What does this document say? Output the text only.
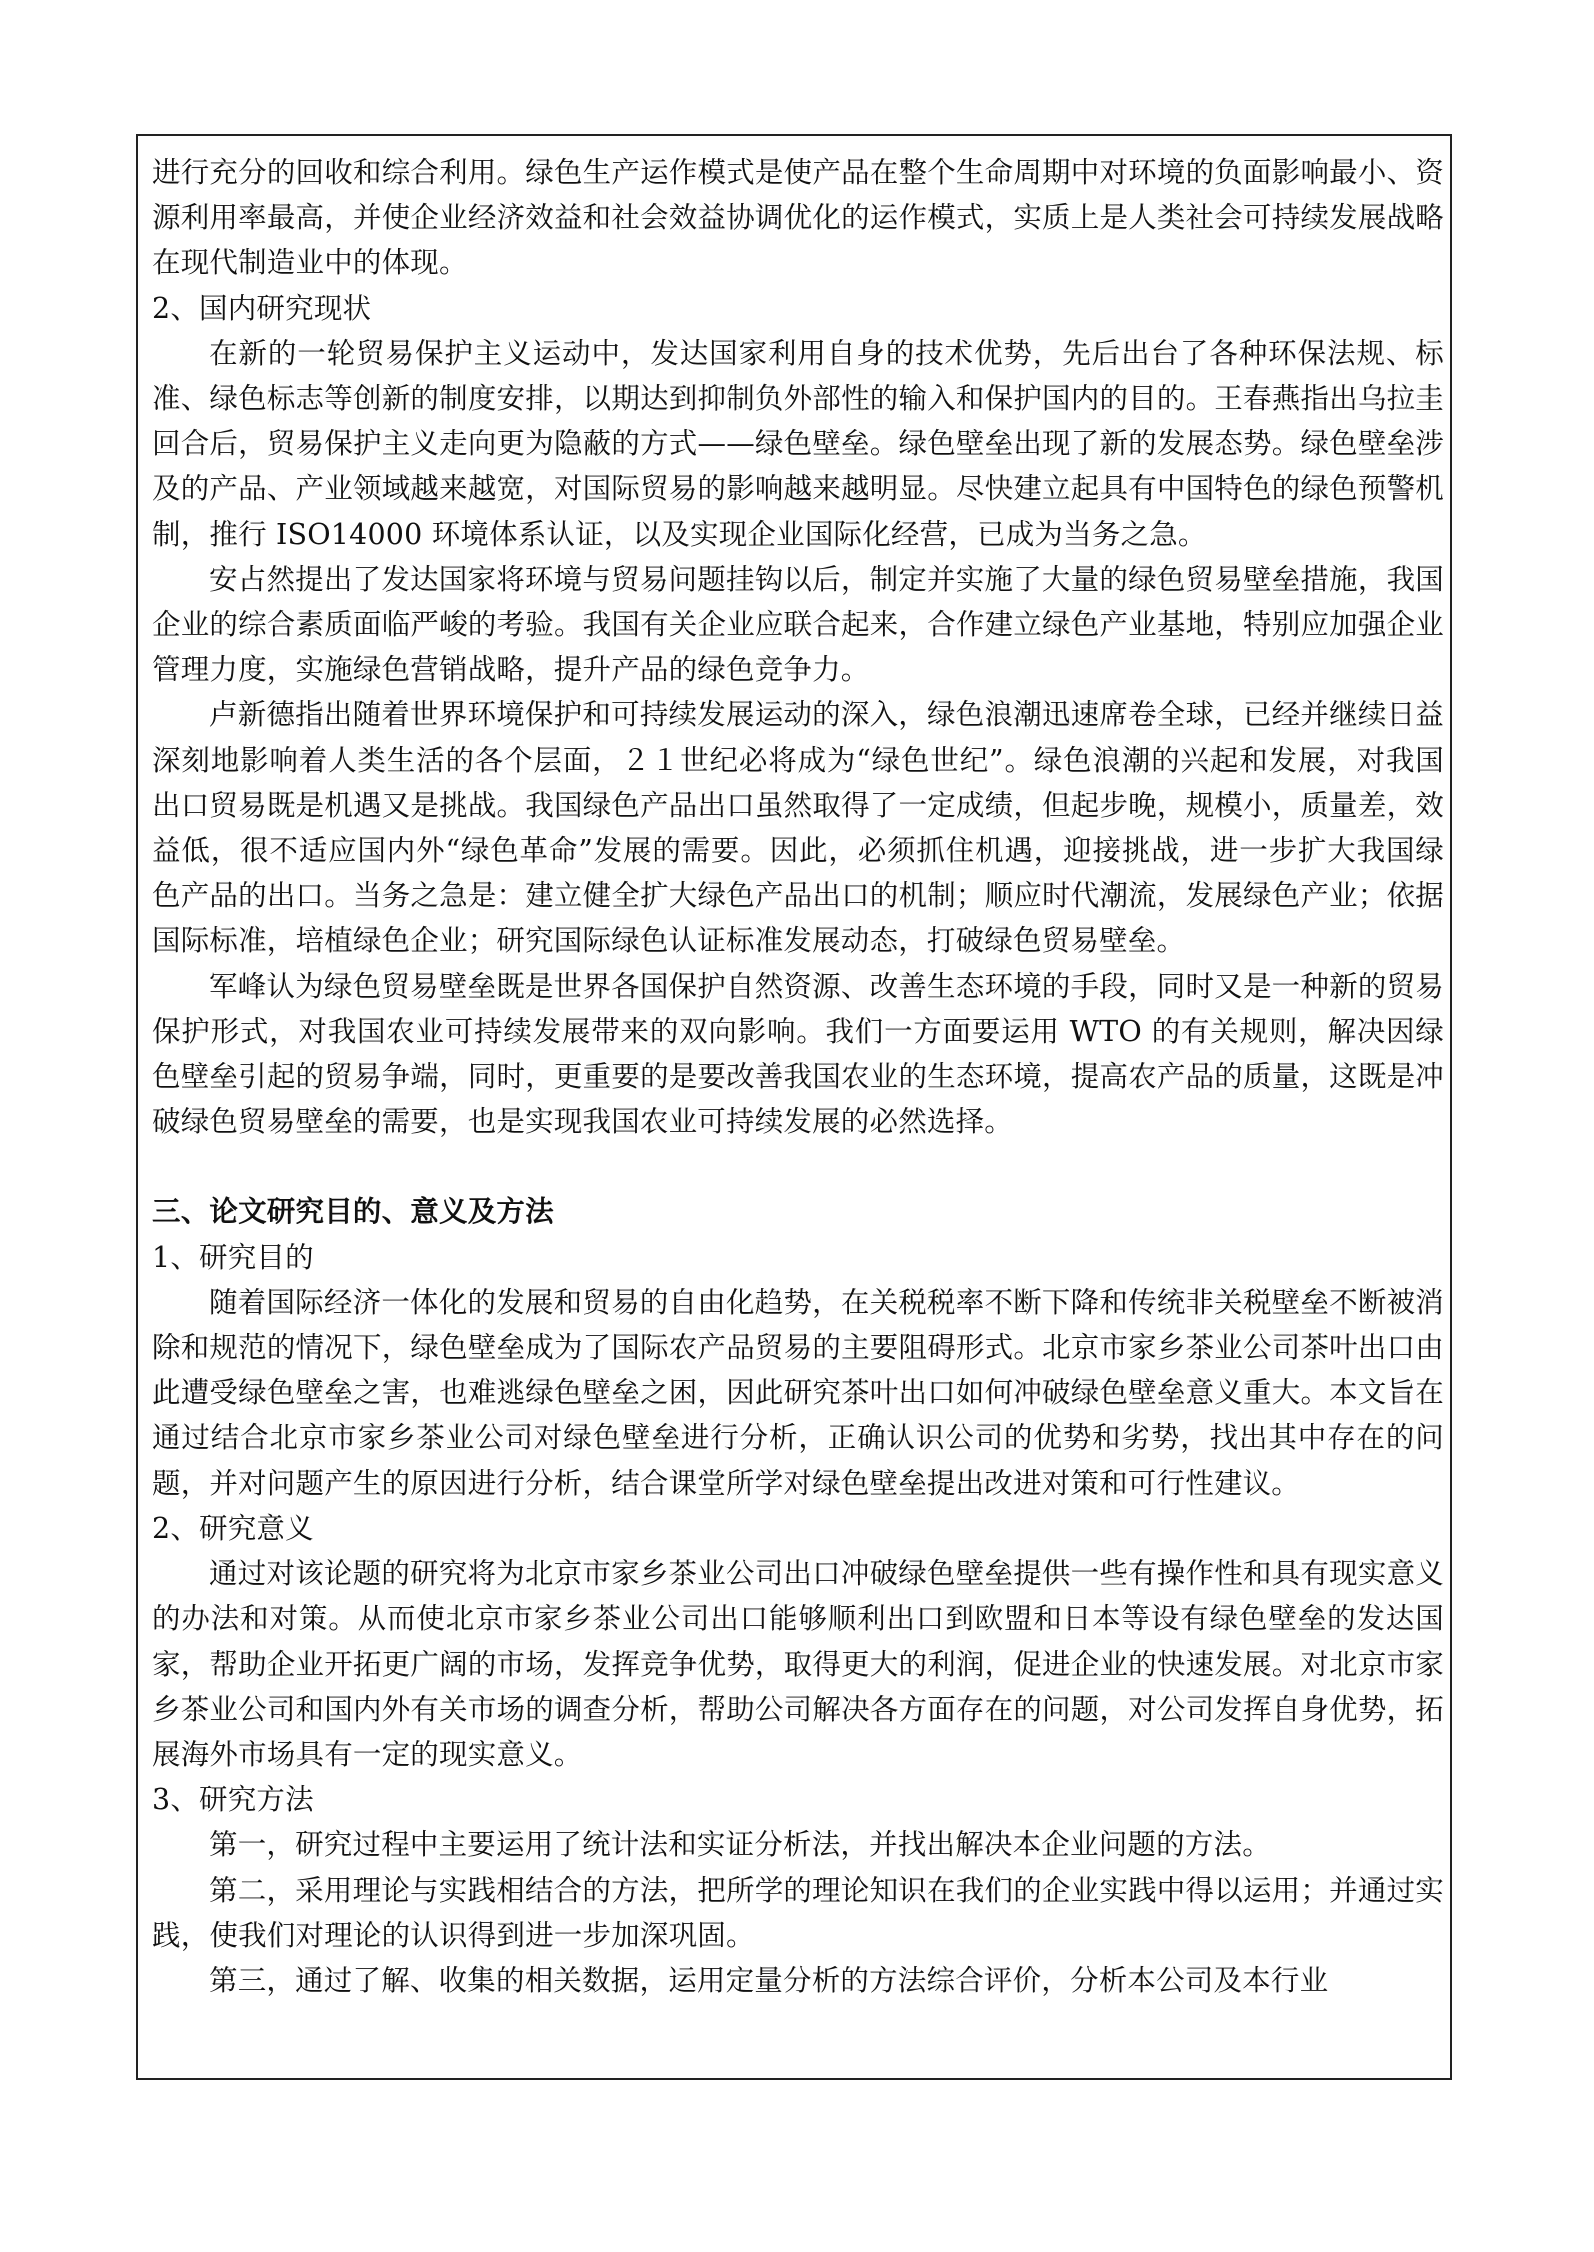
进行充分的回收和综合利用。绿色生产运作模式是使产品在整个生命周期中对环境的负面影响最小、资源利用率最高，并使企业经济效益和社会效益协调优化的运作模式，实质上是人类社会可持续发展战略在现代制造业中的体现。

2、国内研究现状

在新的一轮贸易保护主义运动中，发达国家利用自身的技术优势，先后出台了各种环保法规、标准、绿色标志等创新的制度安排，以期达到抑制负外部性的输入和保护国内的目的。王春燕指出乌拉圭回合后，贸易保护主义走向更为隐蔽的方式——绿色壁垒。绿色壁垒出现了新的发展态势。绿色壁垒涉及的产品、产业领域越来越宽，对国际贸易的影响越来越明显。尽快建立起具有中国特色的绿色预警机制，推行 ISO14000 环境体系认证，以及实现企业国际化经营，已成为当务之急。

安占然提出了发达国家将环境与贸易问题挂钩以后，制定并实施了大量的绿色贸易壁垒措施，我国企业的综合素质面临严峻的考验。我国有关企业应联合起来，合作建立绿色产业基地，特别应加强企业管理力度，实施绿色营销战略，提升产品的绿色竞争力。

卢新德指出随着世界环境保护和可持续发展运动的深入，绿色浪潮迅速席卷全球，已经并继续日益深刻地影响着人类生活的各个层面，２１世纪必将成为“绿色世纪”。绿色浪潮的兴起和发展，对我国出口贸易既是机遇又是挑战。我国绿色产品出口虽然取得了一定成绩，但起步晚，规模小，质量差，效益低，很不适应国内外“绿色革命”发展的需要。因此，必须抓住机遇，迎接挑战，进一步扩大我国绿色产品的出口。当务之急是：建立健全扩大绿色产品出口的机制；顺应时代潮流，发展绿色产业；依据国际标准，培植绿色企业；研究国际绿色认证标准发展动态，打破绿色贸易壁垒。

军峰认为绿色贸易壁垒既是世界各国保护自然资源、改善生态环境的手段，同时又是一种新的贸易保护形式，对我国农业可持续发展带来的双向影响。我们一方面要运用 WTO 的有关规则，解决因绿色壁垒引起的贸易争端，同时，更重要的是要改善我国农业的生态环境，提高农产品的质量，这既是冲破绿色贸易壁垒的需要，也是实现我国农业可持续发展的必然选择。

三、论文研究目的、意义及方法

1、研究目的

随着国际经济一体化的发展和贸易的自由化趋势，在关税税率不断下降和传统非关税壁垒不断被消除和规范的情况下，绿色壁垒成为了国际农产品贸易的主要阻碍形式。北京市家乡茶业公司茶叶出口由此遭受绿色壁垒之害，也难逃绿色壁垒之困，因此研究茶叶出口如何冲破绿色壁垒意义重大。本文旨在通过结合北京市家乡茶业公司对绿色壁垒进行分析，正确认识公司的优势和劣势，找出其中存在的问题，并对问题产生的原因进行分析，结合课堂所学对绿色壁垒提出改进对策和可行性建议。

2、研究意义

通过对该论题的研究将为北京市家乡茶业公司出口冲破绿色壁垒提供一些有操作性和具有现实意义的办法和对策。从而使北京市家乡茶业公司出口能够顺利出口到欧盟和日本等设有绿色壁垒的发达国家，帮助企业开拓更广阔的市场，发挥竞争优势，取得更大的利润，促进企业的快速发展。对北京市家乡茶业公司和国内外有关市场的调查分析，帮助公司解决各方面存在的问题，对公司发挥自身优势，拓展海外市场具有一定的现实意义。

3、研究方法

第一，研究过程中主要运用了统计法和实证分析法，并找出解决本企业问题的方法。

第二，采用理论与实践相结合的方法，把所学的理论知识在我们的企业实践中得以运用；并通过实践，使我们对理论的认识得到进一步加深巩固。

第三，通过了解、收集的相关数据，运用定量分析的方法综合评价，分析本公司及本行业
